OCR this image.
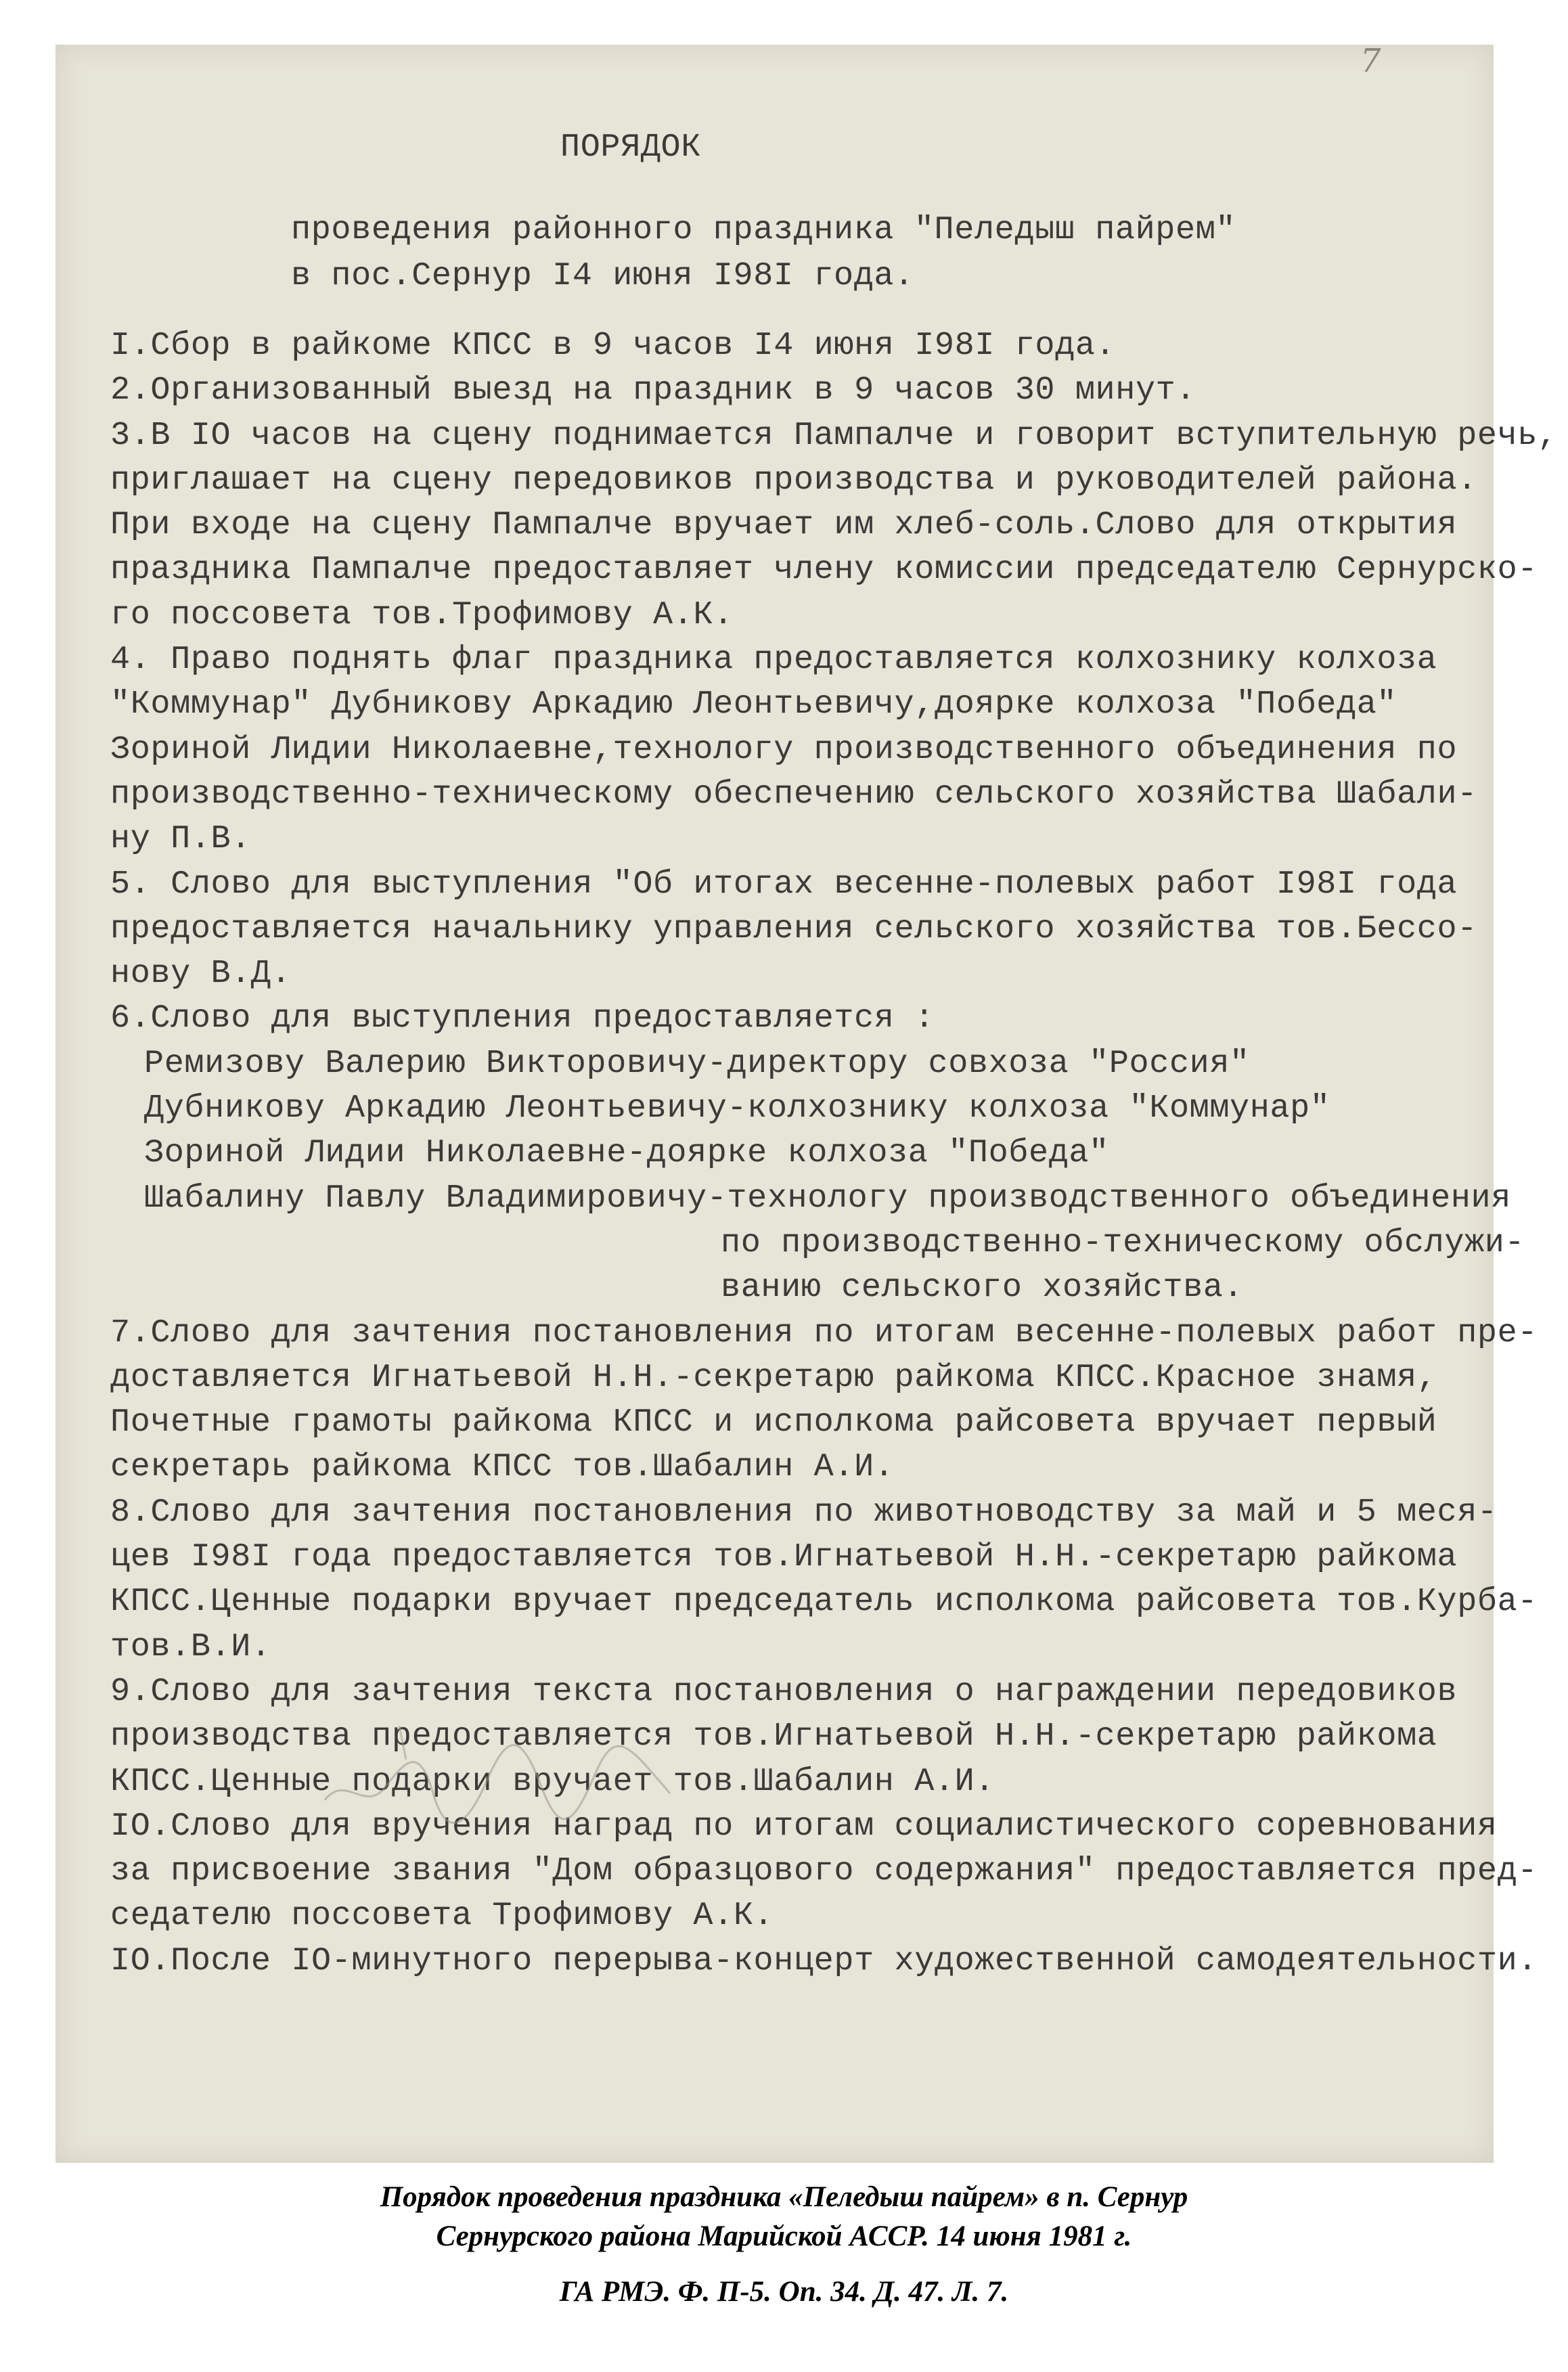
7
ПОРЯДОК
проведения районного праздника "Пеледыш пайрем"
в пос.Сернур I4 июня I98I года.
I.Сбор в райкоме КПСС в 9 часов I4 июня I98I года.
2.Организованный выезд на праздник в 9 часов 30 минут.
3.В IO часов на сцену поднимается Пампалче и говорит вступительную речь,
приглашает на сцену передовиков производства и руководителей района.
При входе на сцену Пампалче вручает им хлеб-соль.Слово для открытия
праздника Пампалче предоставляет члену комиссии председателю Сернурско-
го поссовета тов.Трофимову А.К.
4. Право поднять флаг праздника предоставляется колхознику колхоза
"Коммунар" Дубникову Аркадию Леонтьевичу,доярке колхоза "Победа"
Зориной Лидии Николаевне,технологу производственного объединения по
производственно-техническому обеспечению сельского хозяйства Шабали-
ну П.В.
5. Слово для выступления "Об итогах весенне-полевых работ I98I года
предоставляется начальнику управления сельского хозяйства тов.Бессо-
нову В.Д.
6.Слово для выступления предоставляется :
Ремизову Валерию Викторовичу-директору совхоза "Россия"
Дубникову Аркадию Леонтьевичу-колхознику колхоза "Коммунар"
Зориной Лидии Николаевне-доярке колхоза "Победа"
Шабалину Павлу Владимировичу-технологу производственного объединения
по производственно-техническому обслужи-
ванию сельского хозяйства.
7.Слово для зачтения постановления по итогам весенне-полевых работ пре-
доставляется Игнатьевой Н.Н.-секретарю райкома КПСС.Красное знамя,
Почетные грамоты райкома КПСС и исполкома райсовета вручает первый
секретарь райкома КПСС тов.Шабалин А.И.
8.Слово для зачтения постановления по животноводству за май и 5 меся-
цев I98I года предоставляется тов.Игнатьевой Н.Н.-секретарю райкома
КПСС.Ценные подарки вручает председатель исполкома райсовета тов.Курба-
тов.В.И.
9.Слово для зачтения текста постановления о награждении передовиков
производства предоставляется тов.Игнатьевой Н.Н.-секретарю райкома
КПСС.Ценные подарки вручает тов.Шабалин А.И.
IO.Слово для вручения наград по итогам социалистического соревнования
за присвоение звания "Дом образцового содержания" предоставляется пред-
седателю поссовета Трофимову А.К.
IO.После IO-минутного перерыва-концерт художественной самодеятельности.
Порядок проведения праздника «Пеледыш пайрем» в п. Сернур
Сернурского района Марийской АССР. 14 июня 1981 г.
ГА РМЭ. Ф. П-5. Оп. 34. Д. 47. Л. 7.
